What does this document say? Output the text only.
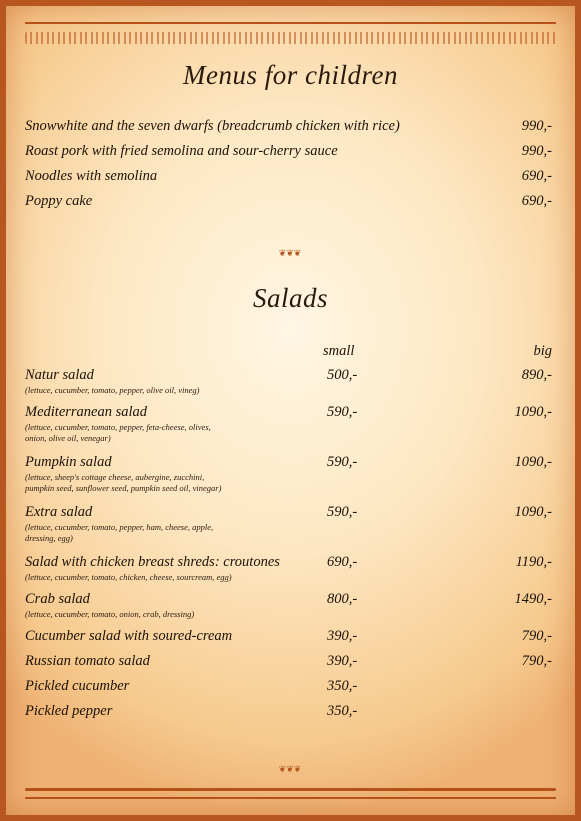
Menus for children
Snowwhite and the seven dwarfs (breadcrumb chicken with rice)	990,-
Roast pork with fried semolina and sour-cherry sauce	990,-
Noodles with semolina	690,-
Poppy cake	690,-
❦❦❦
Salads
small	big
Natur salad
(lettuce, cucumber, tomato, pepper, olive oil, vineg)
500,-	890,-
Mediterranean salad
(lettuce, cucumber, tomato, pepper, feta-cheese, olives,
onion, olive oil, venegar)
590,-	1090,-
Pumpkin salad
(lettuce, sheep's cottage cheese, aubergine, zucchini,
pumpkin seed, sunflower seed, pumpkin seed oil, vinegar)
590,-	1090,-
Extra salad
(lettuce, cucumber, tomato, pepper, ham, cheese, apple,
dressing, egg)
590,-	1090,-
Salad with chicken breast shreds: croutones
(lettuce, cucumber, tomato, chicken, cheese, sourcream, egg)
690,-	1190,-
Crab salad
(lettuce, cucumber, tomato, onion, crab, dressing)
800,-	1490,-
Cucumber salad with soured-cream	390,-	790,-
Russian tomato salad	390,-	790,-
Pickled cucumber	350,-
Pickled pepper	350,-
❦❦❦
